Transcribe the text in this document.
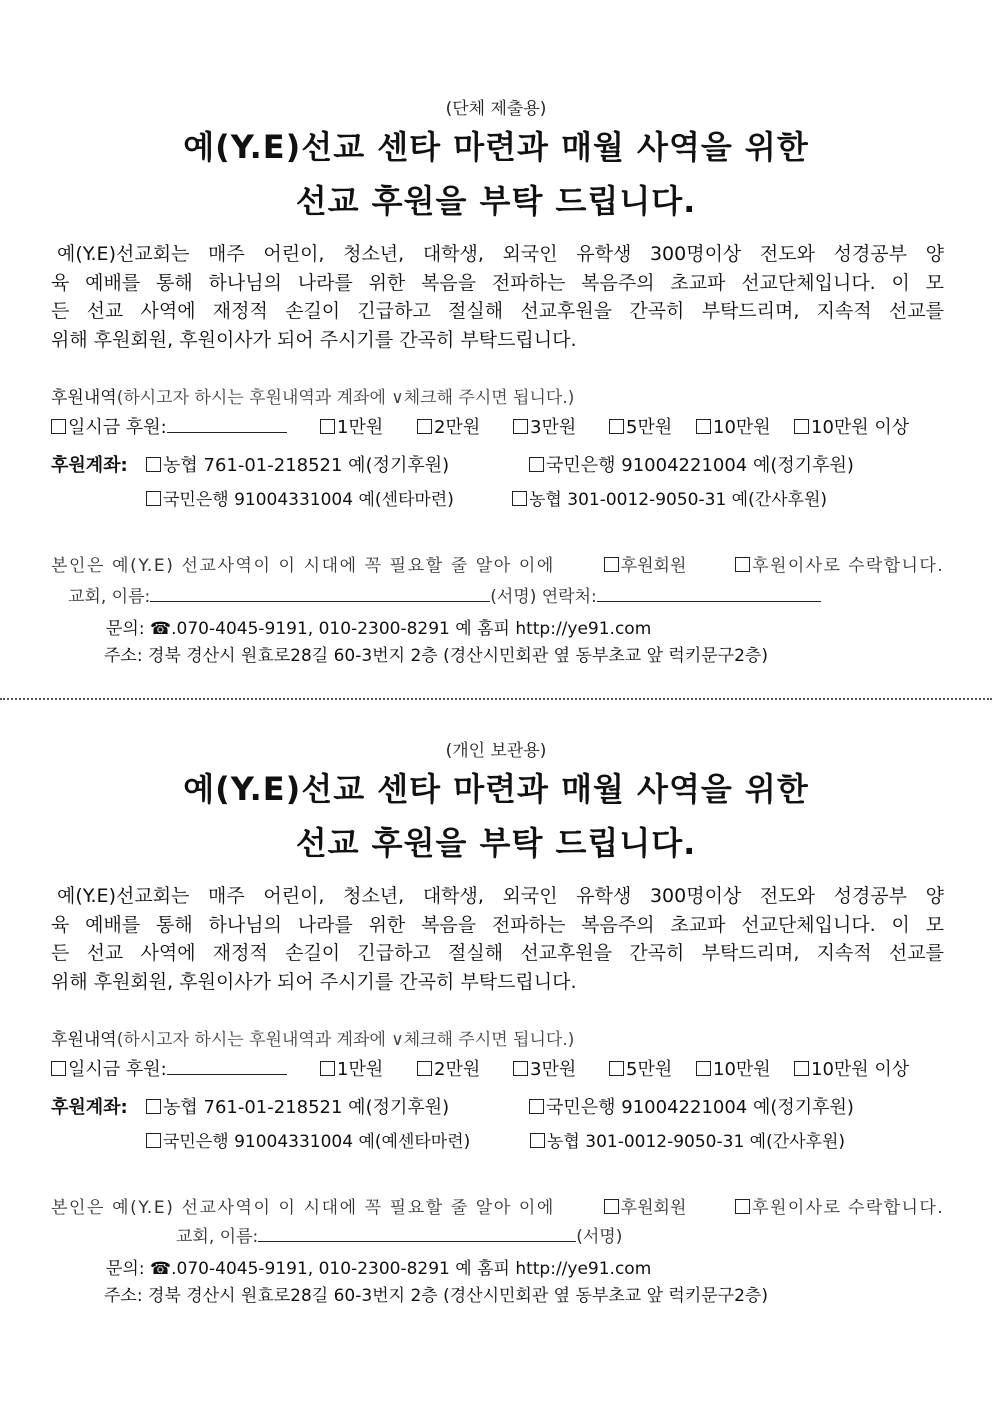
(단체 제출용)
예(Y.E)선교 센타 마련과 매월 사역을 위한
선교 후원을 부탁 드립니다.
예(Y.E)선교회는 매주 어린이, 청소년, 대학생, 외국인 유학생 300명이상 전도와 성경공부 양
육 예배를 통해 하나님의 나라를 위한 복음을 전파하는 복음주의 초교파 선교단체입니다. 이 모
든 선교 사역에 재정적 손길이 긴급하고 절실해 선교후원을 간곡히 부탁드리며, 지속적 선교를
위해 후원회원, 후원이사가 되어 주시기를 간곡히 부탁드립니다.
후원내역(하시고자 하시는 후원내역과 계좌에 ∨체크해 주시면 됩니다.)
일시금 후원:	1만원	2만원	3만원	5만원	10만원	10만원 이상
후원계좌:	농협 761-01-218521 예(정기후원)	국민은행 91004221004 예(정기후원)
국민은행 91004331004 예(센타마련)	농협 301-0012-9050-31 예(간사후원)
본인은 예(Y.E) 선교사역이 이 시대에 꼭 필요할 줄 알아 이에	후원회원	후원이사로 수락합니다.
교회, 이름:	(서명) 연락처:
문의: ☎.070-4045-9191, 010-2300-8291 예 홈피 http://ye91.com
주소: 경북 경산시 원효로28길 60-3번지 2층 (경산시민회관 옆 동부초교 앞 럭키문구2층)
(개인 보관용)
예(Y.E)선교 센타 마련과 매월 사역을 위한
선교 후원을 부탁 드립니다.
예(Y.E)선교회는 매주 어린이, 청소년, 대학생, 외국인 유학생 300명이상 전도와 성경공부 양
육 예배를 통해 하나님의 나라를 위한 복음을 전파하는 복음주의 초교파 선교단체입니다. 이 모
든 선교 사역에 재정적 손길이 긴급하고 절실해 선교후원을 간곡히 부탁드리며, 지속적 선교를
위해 후원회원, 후원이사가 되어 주시기를 간곡히 부탁드립니다.
후원내역(하시고자 하시는 후원내역과 계좌에 ∨체크해 주시면 됩니다.)
일시금 후원:	1만원	2만원	3만원	5만원	10만원	10만원 이상
후원계좌:	농협 761-01-218521 예(정기후원)	국민은행 91004221004 예(정기후원)
국민은행 91004331004 예(예센타마련)	농협 301-0012-9050-31 예(간사후원)
본인은 예(Y.E) 선교사역이 이 시대에 꼭 필요할 줄 알아 이에	후원회원	후원이사로 수락합니다.
교회, 이름:	(서명)
문의: ☎.070-4045-9191, 010-2300-8291 예 홈피 http://ye91.com
주소: 경북 경산시 원효로28길 60-3번지 2층 (경산시민회관 옆 동부초교 앞 럭키문구2층)
